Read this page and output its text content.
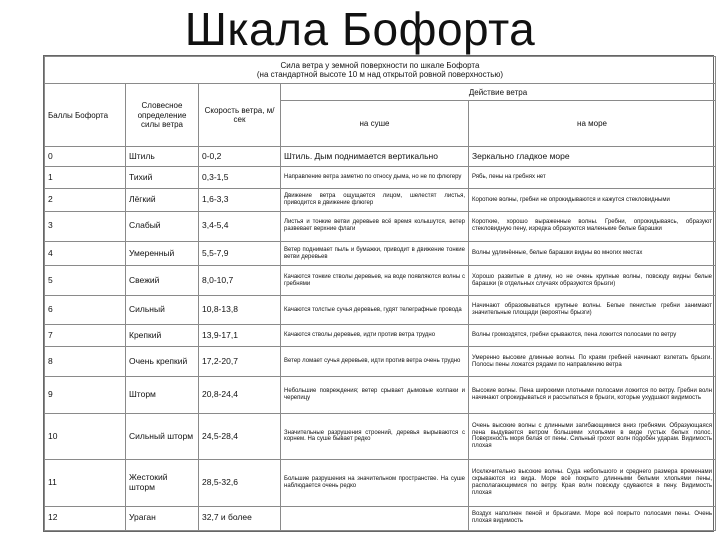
Шкала Бофорта
Сила ветра у земной поверхности по шкале Бофорта
(на стандартной высоте 10 м над открытой ровной поверхностью)				

Баллы Бофорта	Словесное определение силы ветра	Скорость ветра, м/сек	Действие ветра	
			на суше	на море
0	Штиль	0-0,2	Штиль. Дым поднимается вертикально	Зеркально гладкое море
1	Тихий	0,3-1,5	Направление ветра заметно по относу дыма, но не по флюгеру	Рябь, пены на гребнях нет
2	Лёгкий	1,6-3,3	Движение ветра ощущается лицом, шелестят листья, приводится в движение флюгер	Короткие волны, гребни не опрокидываются и кажутся стекловидными
3	Слабый	3,4-5,4	Листья и тонкие ветви деревьев всё время колышутся, ветер развевает верхние флаги	Короткие, хорошо выраженные волны. Гребни, опрокидываясь, образуют стекловидную пену, изредка образуются маленькие белые барашки
4	Умеренный	5,5-7,9	Ветер поднимает пыль и бумажки, приводит в движение тонкие ветви деревьев	Волны удлинённые, белые барашки видны во многих местах
5	Свежий	8,0-10,7	Качаются тонкие стволы деревьев, на воде появляются волны с гребнями	Хорошо развитые в длину, но не очень крупные волны, повсюду видны белые барашки (в отдельных случаях образуются брызги)
6	Сильный	10,8-13,8	Качаются толстые сучья деревьев, гудят телеграфные провода	Начинают образовываться крупные волны. Белые пенистые гребни занимают значительные площади (вероятны брызги)
7	Крепкий	13,9-17,1	Качаются стволы деревьев, идти против ветра трудно	Волны громоздятся, гребни срываются, пена ложится полосами по ветру
8	Очень крепкий	17,2-20,7	Ветер ломает сучья деревьев, идти против ветра очень трудно	Умеренно высокие длинные волны. По краям гребней начинают взлетать брызги. Полосы пены ложатся рядами по направлению ветра
9	Шторм	20,8-24,4	Небольшие повреждения; ветер срывает дымовые колпаки и черепицу	Высокие волны. Пена широкими плотными полосами ложится по ветру. Гребни волн начинают опрокидываться и рассыпаться в брызги, которые ухудшают видимость
10	Сильный шторм	24,5-28,4	Значительные разрушения строений, деревья вырываются с корнем. На суше бывает редко	Очень высокие волны с длинными загибающимися вниз гребнями. Образующаяся пена выдувается ветром большими хлопьями в виде густых белых полос. Поверхность моря белая от пены. Сильный грохот волн подобен ударам. Видимость плохая
11	Жестокий шторм	28,5-32,6	Большие разрушения на значительном пространстве. На суше наблюдается очень редко	Исключительно высокие волны. Суда небольшого и среднего размера временами скрываются из вида. Море всё покрыто длинными белыми хлопьями пены, располагающимися по ветру. Края волн повсюду сдуваются в пену. Видимость плохая
12	Ураган	32,7 и более		Воздух наполнен пеной и брызгами. Море всё покрыто полосами пены. Очень плохая видимость
